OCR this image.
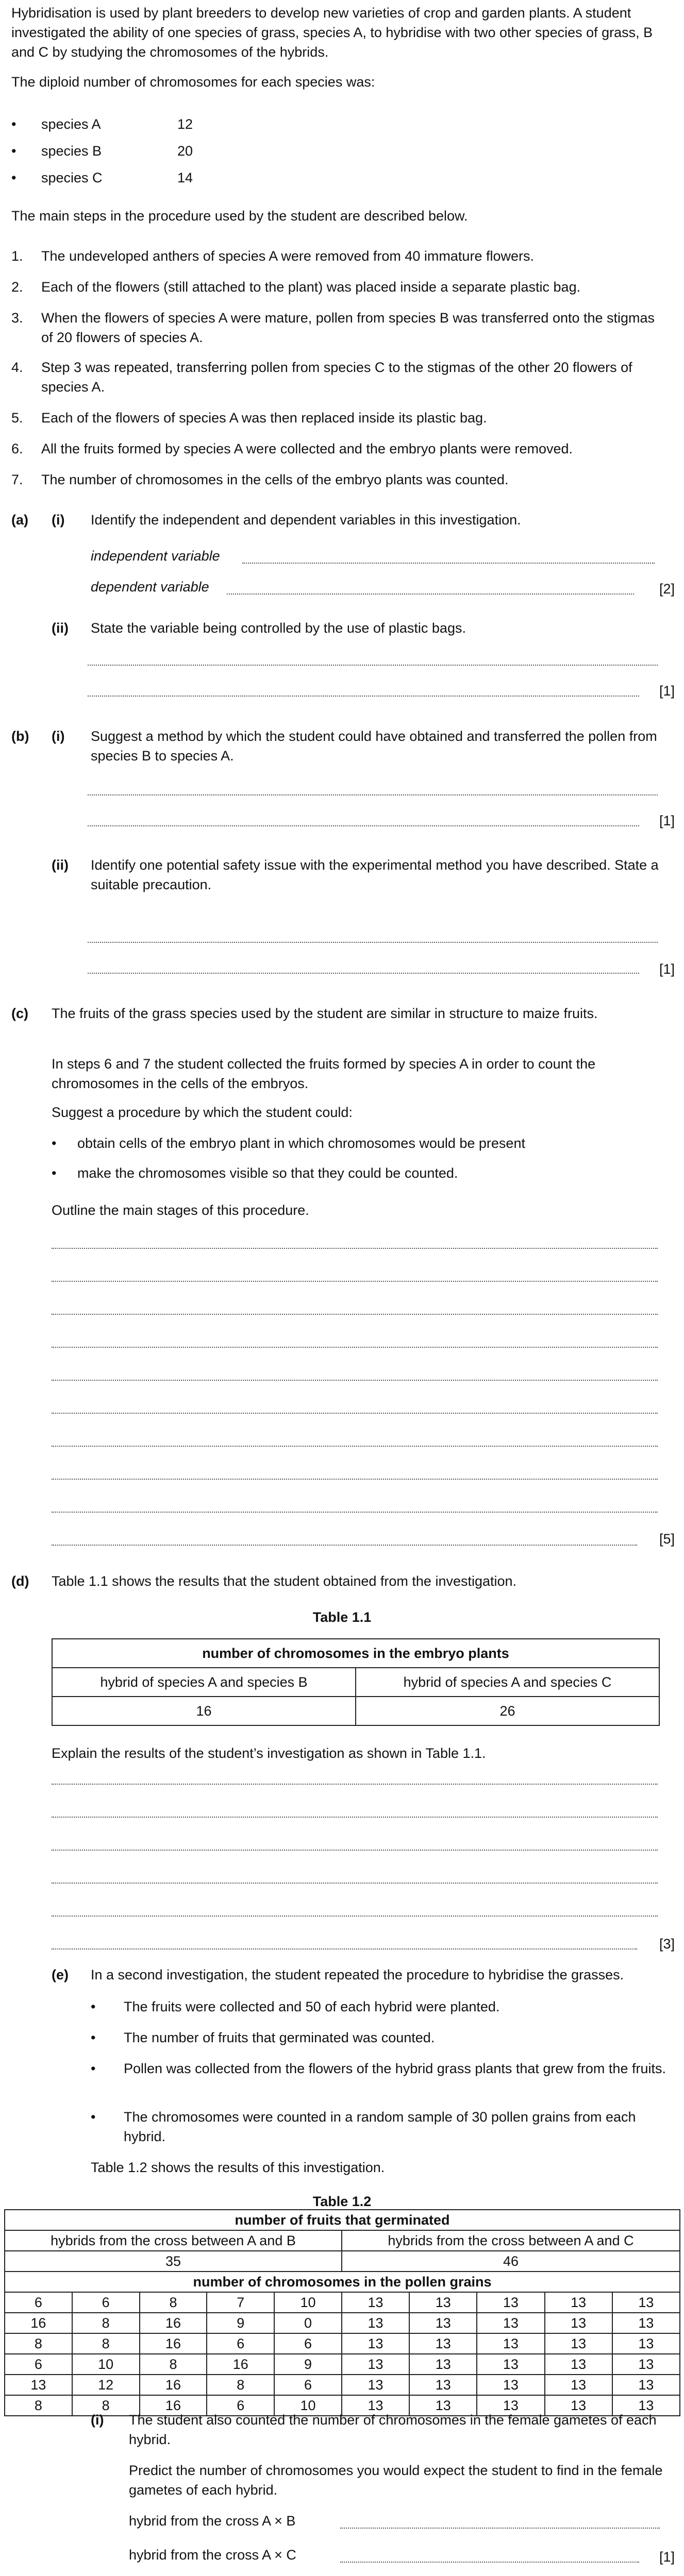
Hybridisation is used by plant breeders to develop new varieties of crop and garden plants. A student investigated the ability of one species of grass, species A, to hybridise with two other species of grass, B and C by studying the chromosomes of the hybrids.
The diploid number of chromosomes for each species was:
• species A	12
• species B	20
• species C	14
The main steps in the procedure used by the student are described below.
1. The undeveloped anthers of species A were removed from 40 immature flowers.
2. Each of the flowers (still attached to the plant) was placed inside a separate plastic bag.
3. When the flowers of species A were mature, pollen from species B was transferred onto the stigmas of 20 flowers of species A.
4. Step 3 was repeated, transferring pollen from species C to the stigmas of the other 20 flowers of species A.
5. Each of the flowers of species A was then replaced inside its plastic bag.
6. All the fruits formed by species A were collected and the embryo plants were removed.
7. The number of chromosomes in the cells of the embryo plants was counted.
(a) (i) Identify the independent and dependent variables in this investigation.
independent variable
dependent variable	[2]
(ii) State the variable being controlled by the use of plastic bags.
[1]
(b) (i) Suggest a method by which the student could have obtained and transferred the pollen from species B to species A.
[1]
(ii) Identify one potential safety issue with the experimental method you have described. State a suitable precaution.
[1]
(c) The fruits of the grass species used by the student are similar in structure to maize fruits.
In steps 6 and 7 the student collected the fruits formed by species A in order to count the chromosomes in the cells of the embryos.
Suggest a procedure by which the student could:
• obtain cells of the embryo plant in which chromosomes would be present
• make the chromosomes visible so that they could be counted.
Outline the main stages of this procedure.
[5]
(d) Table 1.1 shows the results that the student obtained from the investigation.
Table 1.1
number of chromosomes in the embryo plants	
hybrid of species A and species B	hybrid of species A and species C
16	26
Explain the results of the student’s investigation as shown in Table 1.1.
[3]
(e) In a second investigation, the student repeated the procedure to hybridise the grasses.
• The fruits were collected and 50 of each hybrid were planted.
• The number of fruits that germinated was counted.
• Pollen was collected from the flowers of the hybrid grass plants that grew from the fruits.
• The chromosomes were counted in a random sample of 30 pollen grains from each hybrid.
Table 1.2 shows the results of this investigation.
Table 1.2
number of fruits that germinated									
hybrids from the cross between A and B					hybrids from the cross between A and C				
35					46				
number of chromosomes in the pollen grains									
6	6	8	7	10	13	13	13	13	13
16	8	16	9	0	13	13	13	13	13
8	8	16	6	6	13	13	13	13	13
6	10	8	16	9	13	13	13	13	13
13	12	16	8	6	13	13	13	13	13
8	8	16	6	10	13	13	13	13	13
(i) The student also counted the number of chromosomes in the female gametes of each hybrid.
Predict the number of chromosomes you would expect the student to find in the female gametes of each hybrid.
hybrid from the cross A × B
hybrid from the cross A × C	[1]
